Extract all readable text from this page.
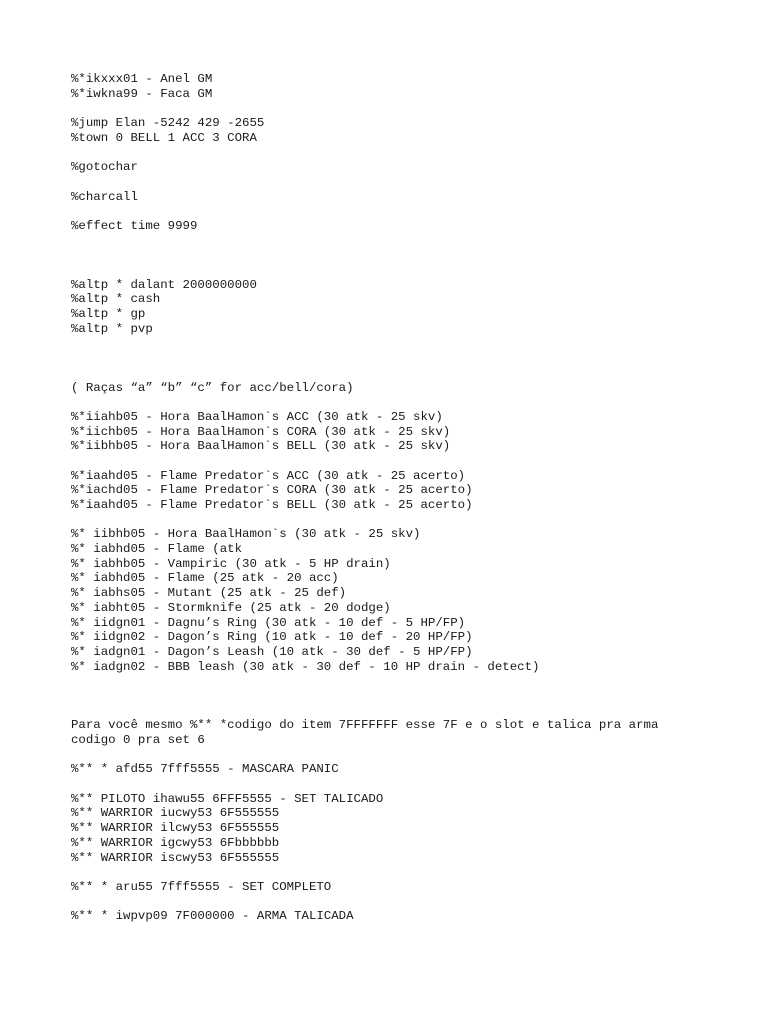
%*ikxxx01 - Anel GM
%*iwkna99 - Faca GM
%jump Elan -5242 429 -2655
%town 0 BELL 1 ACC 3 CORA
%gotochar
%charcall
%effect time 9999
%altp * dalant 2000000000
%altp * cash
%altp * gp
%altp * pvp
( Raças “a” “b” “c” for acc/bell/cora)
%*iiahb05 - Hora BaalHamon`s ACC (30 atk - 25 skv)
%*iichb05 - Hora BaalHamon`s CORA (30 atk - 25 skv)
%*iibhb05 - Hora BaalHamon`s BELL (30 atk - 25 skv)
%*iaahd05 - Flame Predator`s ACC (30 atk - 25 acerto)
%*iachd05 - Flame Predator`s CORA (30 atk - 25 acerto)
%*iaahd05 - Flame Predator`s BELL (30 atk - 25 acerto)
%* iibhb05 - Hora BaalHamon`s (30 atk - 25 skv)
%* iabhd05 - Flame (atk
%* iabhb05 - Vampiric (30 atk - 5 HP drain)
%* iabhd05 - Flame (25 atk - 20 acc)
%* iabhs05 - Mutant (25 atk - 25 def)
%* iabht05 - Stormknife (25 atk - 20 dodge)
%* iidgn01 - Dagnu’s Ring (30 atk - 10 def - 5 HP/FP)
%* iidgn02 - Dagon’s Ring (10 atk - 10 def - 20 HP/FP)
%* iadgn01 - Dagon’s Leash (10 atk - 30 def - 5 HP/FP)
%* iadgn02 - BBB leash (30 atk - 30 def - 10 HP drain - detect)
Para você mesmo %** *codigo do item 7FFFFFFF esse 7F e o slot e talica pra arma
codigo 0 pra set 6
%** * afd55 7fff5555 - MASCARA PANIC
%** PILOTO ihawu55 6FFF5555 - SET TALICADO
%** WARRIOR iucwy53 6F555555
%** WARRIOR ilcwy53 6F555555
%** WARRIOR igcwy53 6Fbbbbbb
%** WARRIOR iscwy53 6F555555
%** * aru55 7fff5555 - SET COMPLETO
%** * iwpvp09 7F000000 - ARMA TALICADA
